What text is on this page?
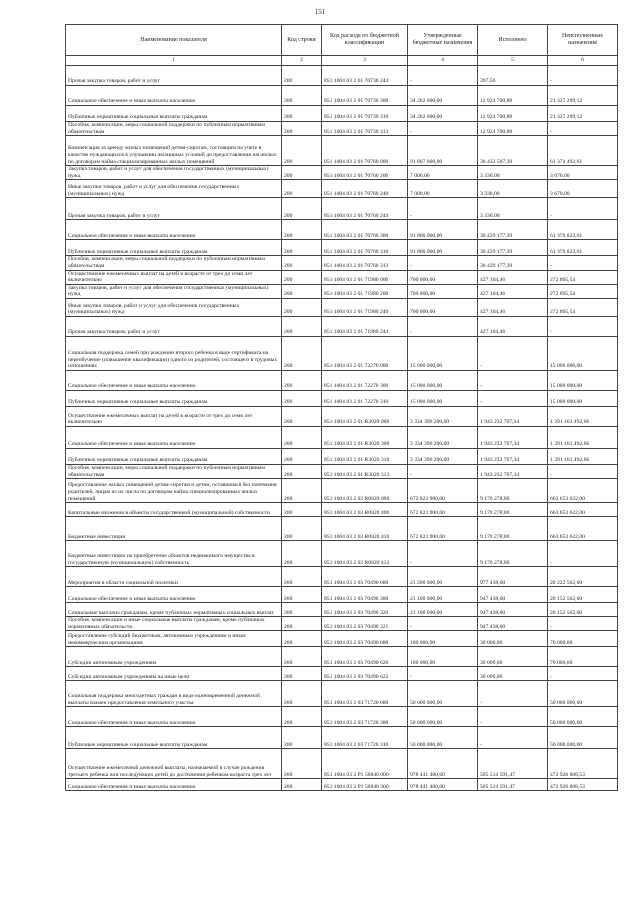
151
Наименование показателя	Код строки	Код расхода по бюджетной классификации	Утвержденные бюджетные назначения	Исполнено	Неисполненные назначения
1	2	3	4	5	6
Прочая закупка товаров, работ и услуг	200	851 1004 03 2 01 70730 244	-	397,56	-
Социальное обеспечение и иные выплаты населению	200	851 1004 03 2 01 70730 300	34 262 000,00	12 924 700,88	21 337 299,12
Публичные нормативные социальные выплаты гражданам	200	851 1004 03 2 01 70730 310	34 262 000,00	12 924 700,88	21 337 299,12
Пособия, компенсации, меры социальной поддержки по публичным нормативным обязательствам	200	851 1004 03 2 01 70730 313	-	12 924 700,88	-
Компенсация за аренду жилых помещений детям-сиротам, состоящим на учете в качестве нуждающихся в улучшении жилищных условий до предоставления им жилых по договорам найма специализированных жилых помещений	200	851 1004 03 2 01 70760 000	91 807 000,00	30 432 507,39	61 374 492,61
Закупка товаров, работ и услуг для обеспечения государственных (муниципальных) нужд	200	851 1004 03 2 01 70760 200	7 000,00	3 330,00	3 670,00
Иные закупки товаров, работ и услуг для обеспечения государственных (муниципальных) нужд	200	851 1004 03 2 01 70760 240	7 000,00	3 330,00	3 670,00
Прочая закупка товаров, работ и услуг	200	851 1004 03 2 01 70760 244	-	3 330,00	-
Социальное обеспечение и иные выплаты населению	200	851 1004 03 2 01 70760 300	91 800 000,00	30 429 177,39	61 370 822,61
Публичные нормативные социальные выплаты гражданам	200	851 1004 03 2 01 70760 310	91 800 000,00	30 429 177,39	61 370 822,61
Пособия, компенсации, меры социальной поддержки по публичным нормативным обязательствам	200	851 1004 03 2 01 70760 313	-	30 429 177,39	-
Осуществление ежемесячных выплат на детей в возрасте от трех до семи лет включительно	200	851 1004 03 2 01 71980 000	700 000,00	427 104,46	272 895,54
Закупка товаров, работ и услуг для обеспечения государственных (муниципальных) нужд	200	851 1004 03 2 01 71980 200	700 000,00	427 104,46	272 895,54
Иные закупки товаров, работ и услуг для обеспечения государственных (муниципальных) нужд	200	851 1004 03 2 01 71980 240	700 000,00	427 104,46	272 895,54
Прочая закупка товаров, работ и услуг	200	851 1004 03 2 01 71980 244	-	427 104,46	-
Социальная поддержка семей при рождении второго ребенка в виде сертификата на переобучение (повышение квалификации) одного из родителей, состоящего в трудовых отношениях	200	851 1004 03 2 01 72270 000	15 000 000,00	-	15 000 000,00
Социальное обеспечение и иные выплаты населению	200	851 1004 03 2 01 72270 300	15 000 000,00	-	15 000 000,00
Публичные нормативные социальные выплаты гражданам	200	851 1004 03 2 01 72270 310	15 000 000,00	-	15 000 000,00
Осуществление ежемесячных выплат на детей в возрасте от трех до семи лет включительно	200	851 1004 03 2 01 R3020 000	3 334 396 200,00	1 943 232 707,34	1 391 163 492,66
Социальное обеспечение и иные выплаты населению	200	851 1004 03 2 01 R3020 300	3 334 396 200,00	1 943 232 707,34	1 391 163 492,66
Публичные нормативные социальные выплаты гражданам	200	851 1004 03 2 01 R3020 310	3 334 396 200,00	1 943 232 707,34	1 391 163 492,66
Пособия, компенсации, меры социальной поддержки по публичным нормативным обязательствам	200	851 1004 03 2 01 R3020 313	-	1 943 232 707,34	-
Предоставление жилых помещений детям-сиротам и детям, оставшимся без попечения родителей, лицам из их числа по договорам найма специализированных жилых помещений	200	851 1004 03 2 02 R0820 000	672 823 900,00	9 170 278,00	663 653 622,00
Капитальные вложения в объекты государственной (муниципальной) собственности	200	851 1004 03 2 02 R0820 400	672 823 900,00	9 170 278,00	663 653 622,00
Бюджетные инвестиции	200	851 1004 03 2 02 R0820 410	672 823 900,00	9 170 278,00	663 653 622,00
Бюджетные инвестиции на приобретение объектов недвижимого имущества в государственную (муниципальную) собственность	200	851 1004 03 2 02 R0820 412	-	9 170 278,00	-
Мероприятия в области социальной политики	200	851 1004 03 2 03 70490 000	21 200 000,00	977 438,00	20 222 562,00
Социальное обеспечение и иные выплаты населению	200	851 1004 03 2 03 70490 300	21 100 000,00	947 438,00	20 152 562,00
Социальные выплаты гражданам, кроме публичных нормативных социальных выплат	200	851 1004 03 2 03 70490 320	21 100 000,00	947 438,00	20 152 562,00
Пособия, компенсации и иные социальные выплаты гражданам, кроме публичных нормативных обязательств	200	851 1004 03 2 03 70490 321	-	947 438,00	-
Предоставление субсидий бюджетным, автономным учреждениям и иным некоммерческим организациям	200	851 1004 03 2 03 70490 600	100 000,00	30 000,00	70 000,00
Субсидии автономным учреждениям	200	851 1004 03 2 03 70490 620	100 000,00	30 000,00	70 000,00
Субсидии автономным учреждениям на иные цели	200	851 1004 03 2 03 70490 622	-	30 000,00	-
Социальная поддержка многодетных граждан в виде единовременной денежной выплаты взамен предоставления земельного участка	200	851 1004 03 2 03 71720 000	50 000 000,00	-	50 000 000,00
Социальное обеспечение и иные выплаты населению	200	851 1004 03 2 03 71720 300	50 000 000,00	-	50 000 000,00
Публичные нормативные социальные выплаты гражданам	200	851 1004 03 2 03 71720 310	50 000 000,00	-	50 000 000,00
Осуществление ежемесячной денежной выплаты, назначаемой в случае рождения третьего ребенка или последующих детей до достижения ребенком возраста трех лет	200	851 1004 03 2 P1 50840 000	978 441 400,00	505 514 591,47	472 926 808,53
Социальное обеспечение и иные выплаты населению	200	851 1004 03 2 P1 50840 300	978 441 400,00	505 514 591,47	472 926 808,53
